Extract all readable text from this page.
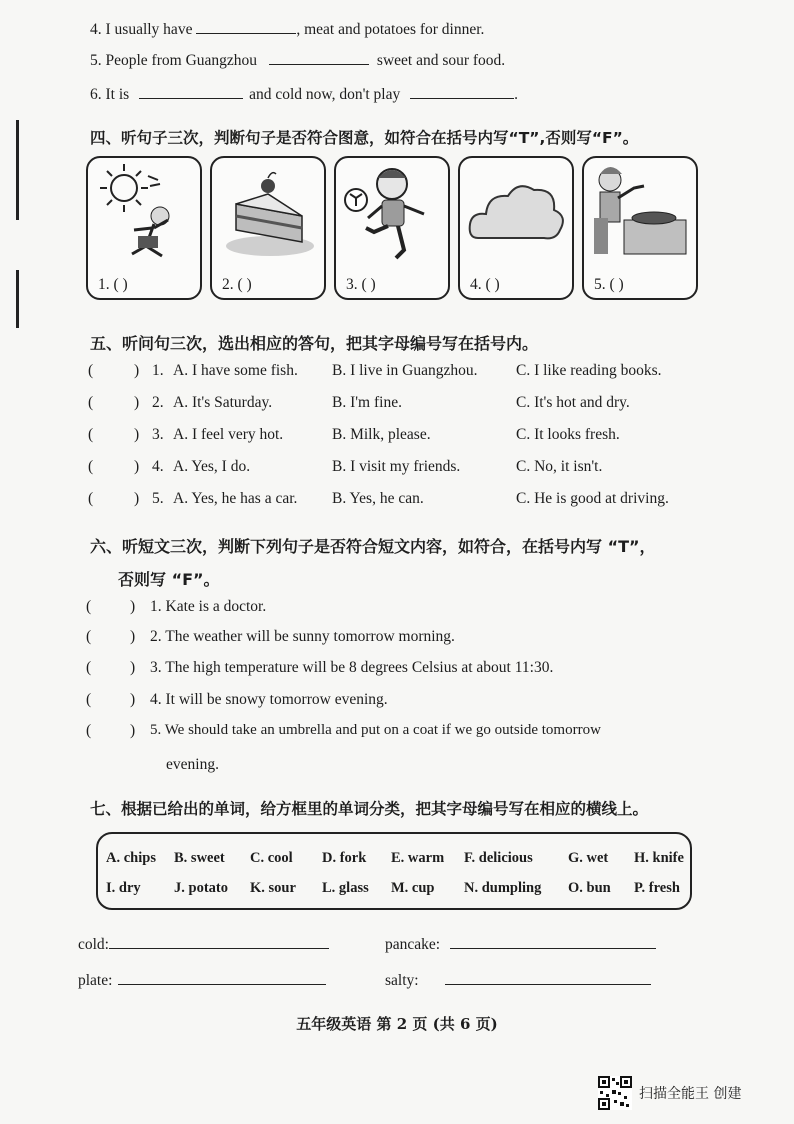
4. I usually have	, meat and potatoes for dinner.
5. People from Guangzhou	sweet and sour food.
6. It is	and cold now, don't play	.
四、听句子三次，判断句子是否符合图意，如符合在括号内写“T”,否则写“F”。
1. ( )	2. ( )	3. ( )	4. ( )	5. ( )
五、听问句三次，选出相应的答句，把其字母编号写在括号内。
(	) 1. A. I have some fish. B. I live in Guangzhou. C. I like reading books.
(	) 2. A. It's Saturday.	B. I'm fine.	C. It's hot and dry.
(	) 3. A. I feel very hot.	B. Milk, please.	C. It looks fresh.
(	) 4. A. Yes, I do.	B. I visit my friends.	C. No, it isn't.
(	) 5. A. Yes, he has a car. B. Yes, he can.	C. He is good at driving.
六、听短文三次，判断下列句子是否符合短文内容，如符合，在括号内写 “T”，
否则写 “F”。
(	) 1. Kate is a doctor.
(	) 2. The weather will be sunny tomorrow morning.
(	) 3. The high temperature will be 8 degrees Celsius at about 11:30.
(	) 4. It will be snowy tomorrow evening.
(	) 5. We should take an umbrella and put on a coat if we go outside tomorrow
evening.
七、根据已给出的单词，给方框里的单词分类，把其字母编号写在相应的横线上。
A. chips B. sweet C. cool D. fork E. warm F. delicious G. wet H. knife
I. dry J. potato K. sour L. glass M. cup N. dumpling O. bun P. fresh
cold:	pancake:
plate:	salty:
五年级英语 第 2 页 (共 6 页)
扫描全能王 创建
